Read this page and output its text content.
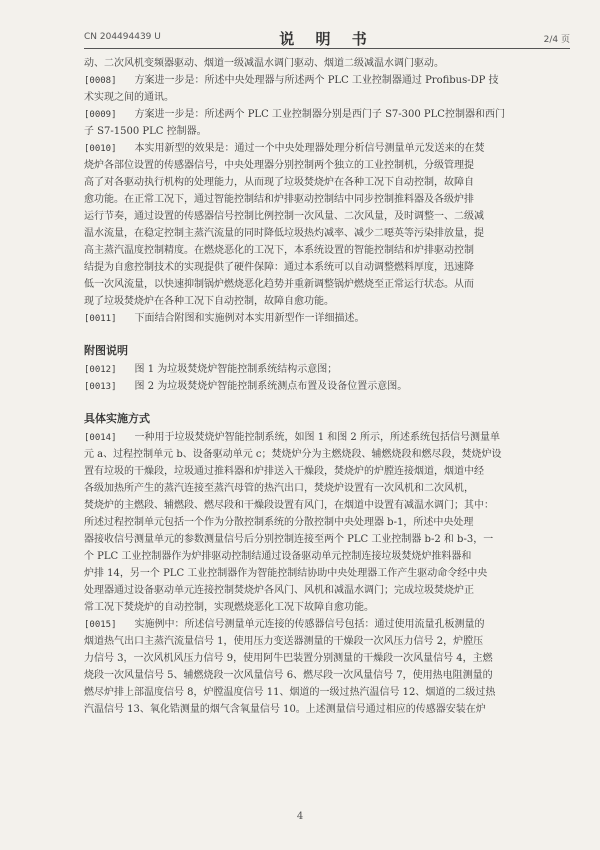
CN 204494439 U	说 明 书	2/4 页
动、二次风机变频器驱动、烟道一级减温水调门驱动、烟道二级减温水调门驱动。
[0008] 方案进一步是：所述中央处理器与所述两个 PLC 工业控制器通过 Profibus-DP 技
术实现之间的通讯。
[0009] 方案进一步是：所述两个 PLC 工业控制器分别是西门子 S7-300 PLC控制器和西门
子 S7-1500 PLC 控制器。
[0010] 本实用新型的效果是：通过一个中央处理器处理分析信号测量单元发送来的在焚
烧炉各部位设置的传感器信号，中央处理器分别控制两个独立的工业控制机，分级管理提
高了对各驱动执行机构的处理能力，从而现了垃圾焚烧炉在各种工况下自动控制，故障自
愈功能。在正常工况下，通过智能控制结和炉排驱动控制结中同步控制推料器及各级炉排
运行节奏，通过设置的传感器信号控制比例控制一次风量、二次风量，及时调整一、二级减
温水流量，在稳定控制主蒸汽流量的同时降低垃圾热灼减率、减少二噁英等污染排放量，提
高主蒸汽温度控制精度。在燃烧恶化的工况下，本系统设置的智能控制结和炉排驱动控制
结提为自愈控制技术的实现提供了硬件保障：通过本系统可以自动调整燃料厚度，迅速降
低一次风流量，以快速抑制锅炉燃烧恶化趋势并重新调整锅炉燃烧至正常运行状态。从而
现了垃圾焚烧炉在各种工况下自动控制，故障自愈功能。
[0011] 下面结合附图和实施例对本实用新型作一详细描述。
附图说明
[0012] 图 1 为垃圾焚烧炉智能控制系统结构示意图；
[0013] 图 2 为垃圾焚烧炉智能控制系统测点布置及设备位置示意图。
具体实施方式
[0014] 一种用于垃圾焚烧炉智能控制系统，如图 1 和图 2 所示，所述系统包括信号测量单
元 a、过程控制单元 b、设备驱动单元 c；焚烧炉分为主燃烧段、辅燃烧段和燃尽段，焚烧炉设
置有垃圾的干燥段，垃圾通过推料器和炉排送入干燥段，焚烧炉的炉膛连接烟道，烟道中经
各级加热所产生的蒸汽连接至蒸汽母管的热汽出口，焚烧炉设置有一次风机和二次风机，
焚烧炉的主燃段、辅燃段、燃尽段和干燥段设置有风门，在烟道中设置有减温水调门；其中：
所述过程控制单元包括一个作为分散控制系统的分散控制中央处理器 b-1，所述中央处理
器接收信号测量单元的参数测量信号后分别控制连接至两个 PLC 工业控制器 b-2 和 b-3，一
个 PLC 工业控制器作为炉排驱动控制结通过设备驱动单元控制连接垃圾焚烧炉推料器和
炉排 14，另一个 PLC 工业控制器作为智能控制结协助中央处理器工作产生驱动命令经中央
处理器通过设备驱动单元连接控制焚烧炉各风门、风机和减温水调门；完成垃圾焚烧炉正
常工况下焚烧炉的自动控制，实现燃烧恶化工况下故障自愈功能。
[0015] 实施例中：所述信号测量单元连接的传感器信号包括：通过使用流量孔板测量的
烟道热气出口主蒸汽流量信号 1，使用压力变送器测量的干燥段一次风压力信号 2，炉膛压
力信号 3，一次风机风压力信号 9，使用阿牛巴装置分别测量的干燥段一次风量信号 4，主燃
烧段一次风量信号 5、辅燃烧段一次风量信号 6、燃尽段一次风量信号 7，使用热电阻测量的
燃尽炉排上部温度信号 8，炉膛温度信号 11、烟道的一级过热汽温信号 12、烟道的二级过热
汽温信号 13、氧化锆测量的烟气含氧量信号 10。上述测量信号通过相应的传感器安装在炉
4
